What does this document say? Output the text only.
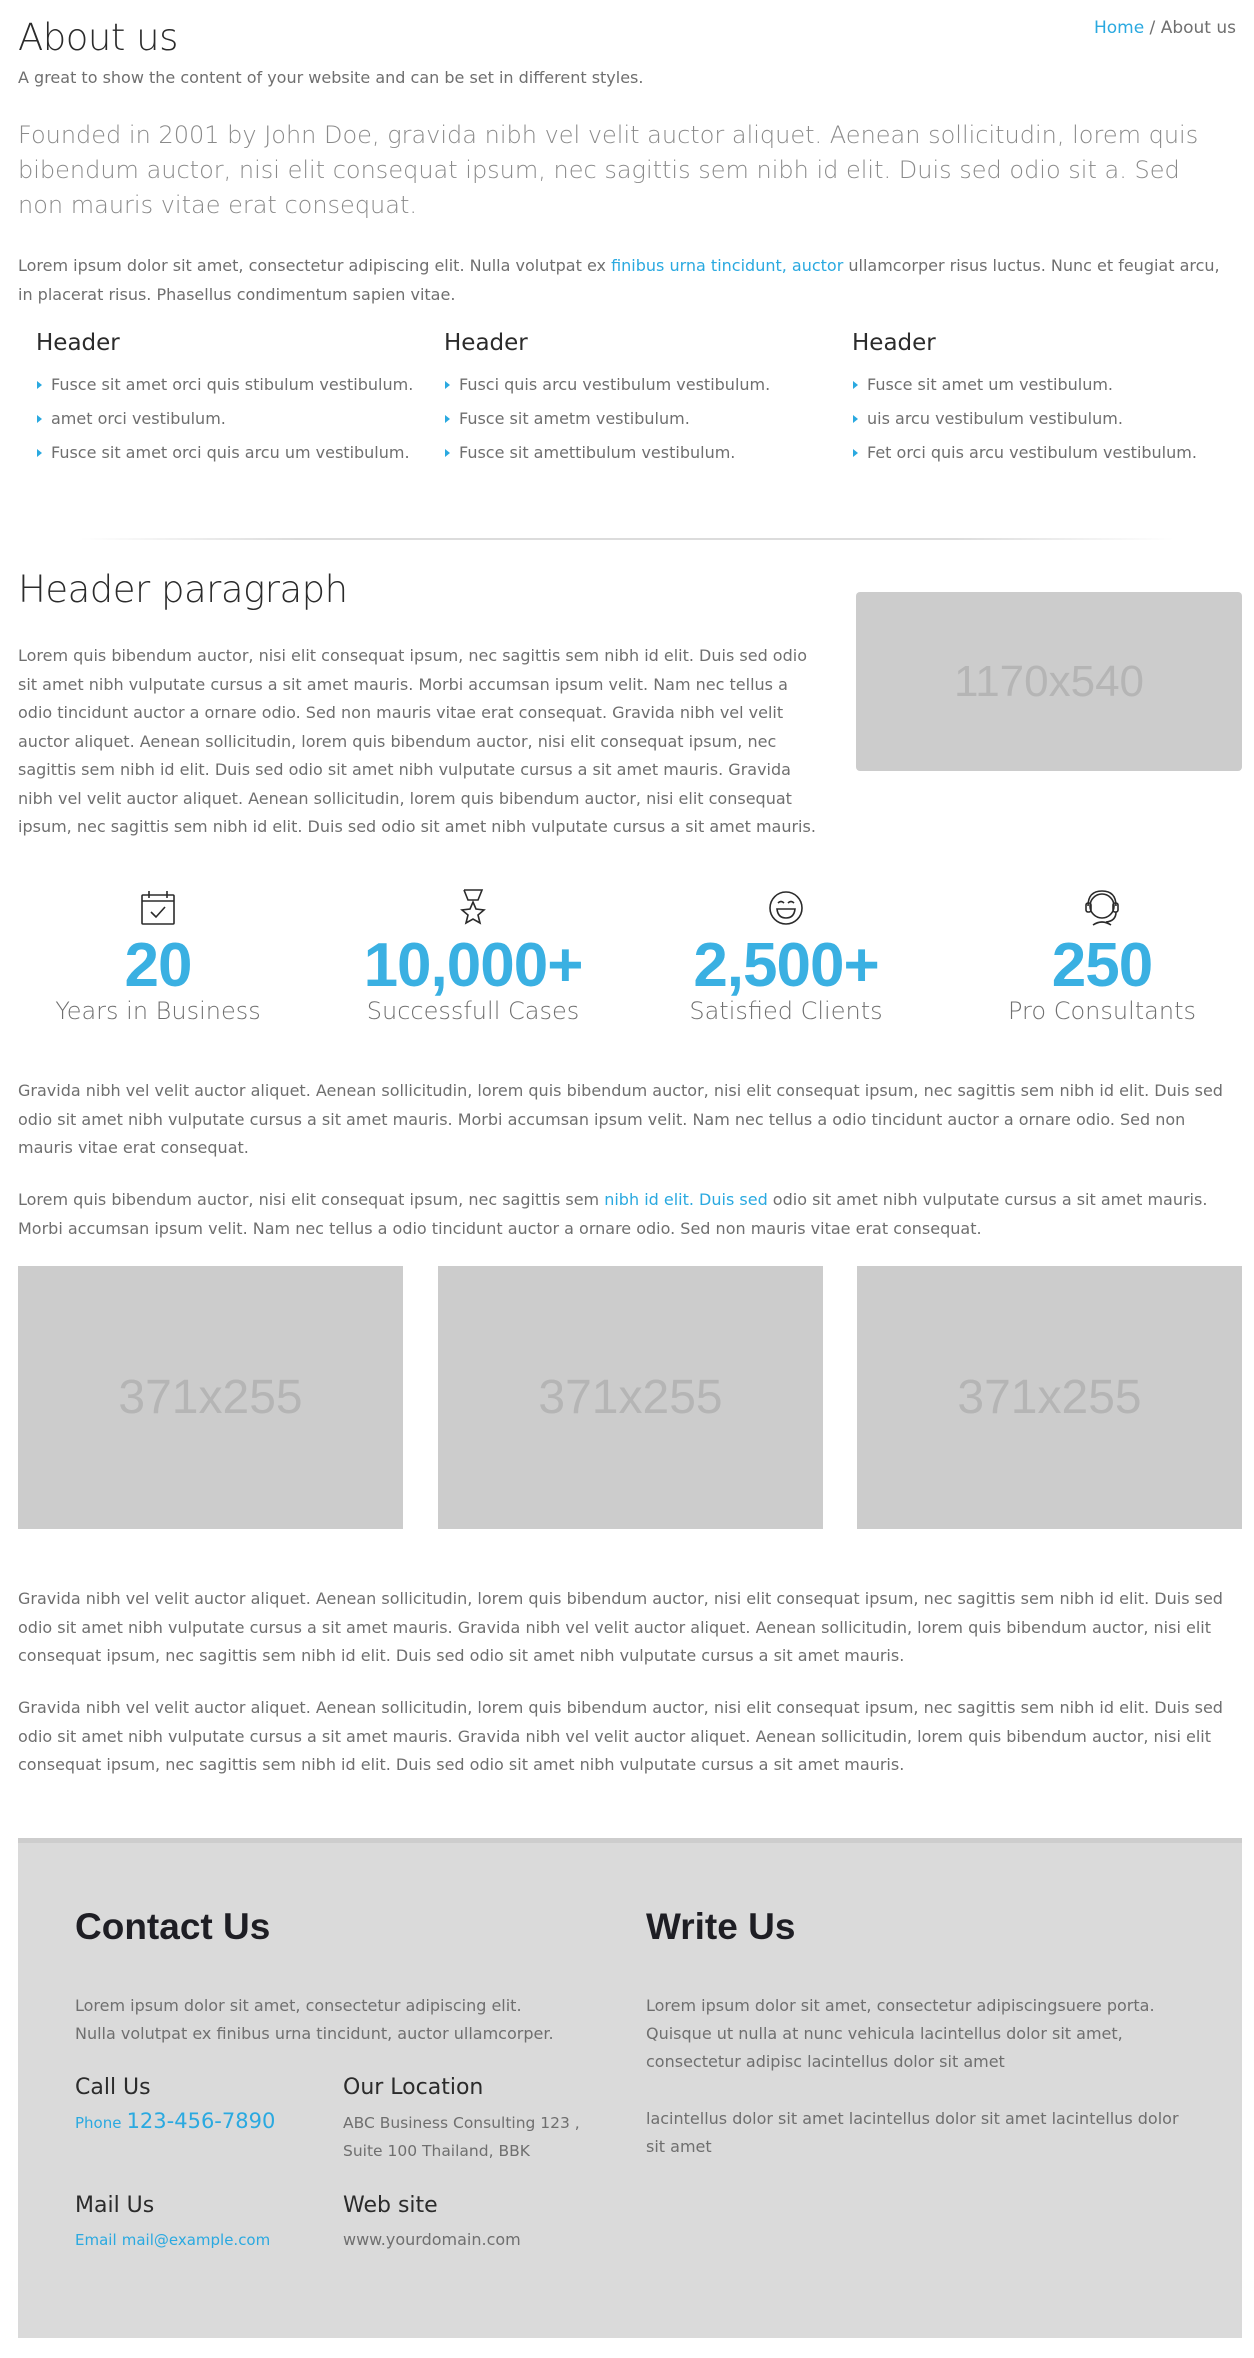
About us

A great to show the content of your website and can be set in different styles.

Home / About us

Founded in 2001 by John Doe, gravida nibh vel velit auctor aliquet. Aenean sollicitudin, lorem quis bibendum auctor, nisi elit consequat ipsum, nec sagittis sem nibh id elit. Duis sed odio sit a. Sed non mauris vitae erat consequat.

Lorem ipsum dolor sit amet, consectetur adipiscing elit. Nulla volutpat ex finibus urna tincidunt, auctor ullamcorper risus luctus. Nunc et feugiat arcu, in placerat risus. Phasellus condimentum sapien vitae.

Header
Fusce sit amet orci quis stibulum vestibulum.
amet orci vestibulum.
Fusce sit amet orci quis arcu um vestibulum.
Header
Fusci quis arcu vestibulum vestibulum.
Fusce sit ametm vestibulum.
Fusce sit amettibulum vestibulum.
Header
Fusce sit amet um vestibulum.
uis arcu vestibulum vestibulum.
Fet orci quis arcu vestibulum vestibulum.
Header paragraph

Lorem quis bibendum auctor, nisi elit consequat ipsum, nec sagittis sem nibh id elit. Duis sed odio sit amet nibh vulputate cursus a sit amet mauris. Morbi accumsan ipsum velit. Nam nec tellus a odio tincidunt auctor a ornare odio. Sed non mauris vitae erat consequat. Gravida nibh vel velit auctor aliquet. Aenean sollicitudin, lorem quis bibendum auctor, nisi elit consequat ipsum, nec sagittis sem nibh id elit. Duis sed odio sit amet nibh vulputate cursus a sit amet mauris. Gravida nibh vel velit auctor aliquet. Aenean sollicitudin, lorem quis bibendum auctor, nisi elit consequat ipsum, nec sagittis sem nibh id elit. Duis sed odio sit amet nibh vulputate cursus a sit amet mauris.

1170x540
20
Years in Business
10,000+
Successfull Cases
2,500+
Satisfied Clients
250
Pro Consultants

Gravida nibh vel velit auctor aliquet. Aenean sollicitudin, lorem quis bibendum auctor, nisi elit consequat ipsum, nec sagittis sem nibh id elit. Duis sed odio sit amet nibh vulputate cursus a sit amet mauris. Morbi accumsan ipsum velit. Nam nec tellus a odio tincidunt auctor a ornare odio. Sed non mauris vitae erat consequat.

Lorem quis bibendum auctor, nisi elit consequat ipsum, nec sagittis sem nibh id elit. Duis sed odio sit amet nibh vulputate cursus a sit amet mauris. Morbi accumsan ipsum velit. Nam nec tellus a odio tincidunt auctor a ornare odio. Sed non mauris vitae erat consequat.

371x255	371x255	371x255

Gravida nibh vel velit auctor aliquet. Aenean sollicitudin, lorem quis bibendum auctor, nisi elit consequat ipsum, nec sagittis sem nibh id elit. Duis sed odio sit amet nibh vulputate cursus a sit amet mauris. Gravida nibh vel velit auctor aliquet. Aenean sollicitudin, lorem quis bibendum auctor, nisi elit consequat ipsum, nec sagittis sem nibh id elit. Duis sed odio sit amet nibh vulputate cursus a sit amet mauris.

Gravida nibh vel velit auctor aliquet. Aenean sollicitudin, lorem quis bibendum auctor, nisi elit consequat ipsum, nec sagittis sem nibh id elit. Duis sed odio sit amet nibh vulputate cursus a sit amet mauris. Gravida nibh vel velit auctor aliquet. Aenean sollicitudin, lorem quis bibendum auctor, nisi elit consequat ipsum, nec sagittis sem nibh id elit. Duis sed odio sit amet nibh vulputate cursus a sit amet mauris.

Contact Us

Lorem ipsum dolor sit amet, consectetur adipiscing elit. Nulla volutpat ex finibus urna tincidunt, auctor ullamcorper.

Call Us
Phone 123-456-7890
Our Location

ABC Business Consulting 123 ,

Suite 100 Thailand, BBK

Mail Us
Email mail@example.com
Web site

www.yourdomain.com

Write Us

Lorem ipsum dolor sit amet, consectetur adipiscingsuere porta. Quisque ut nulla at nunc vehicula lacintellus dolor sit amet, consectetur adipisc lacintellus dolor sit amet

lacintellus dolor sit amet lacintellus dolor sit amet lacintellus dolor sit amet
